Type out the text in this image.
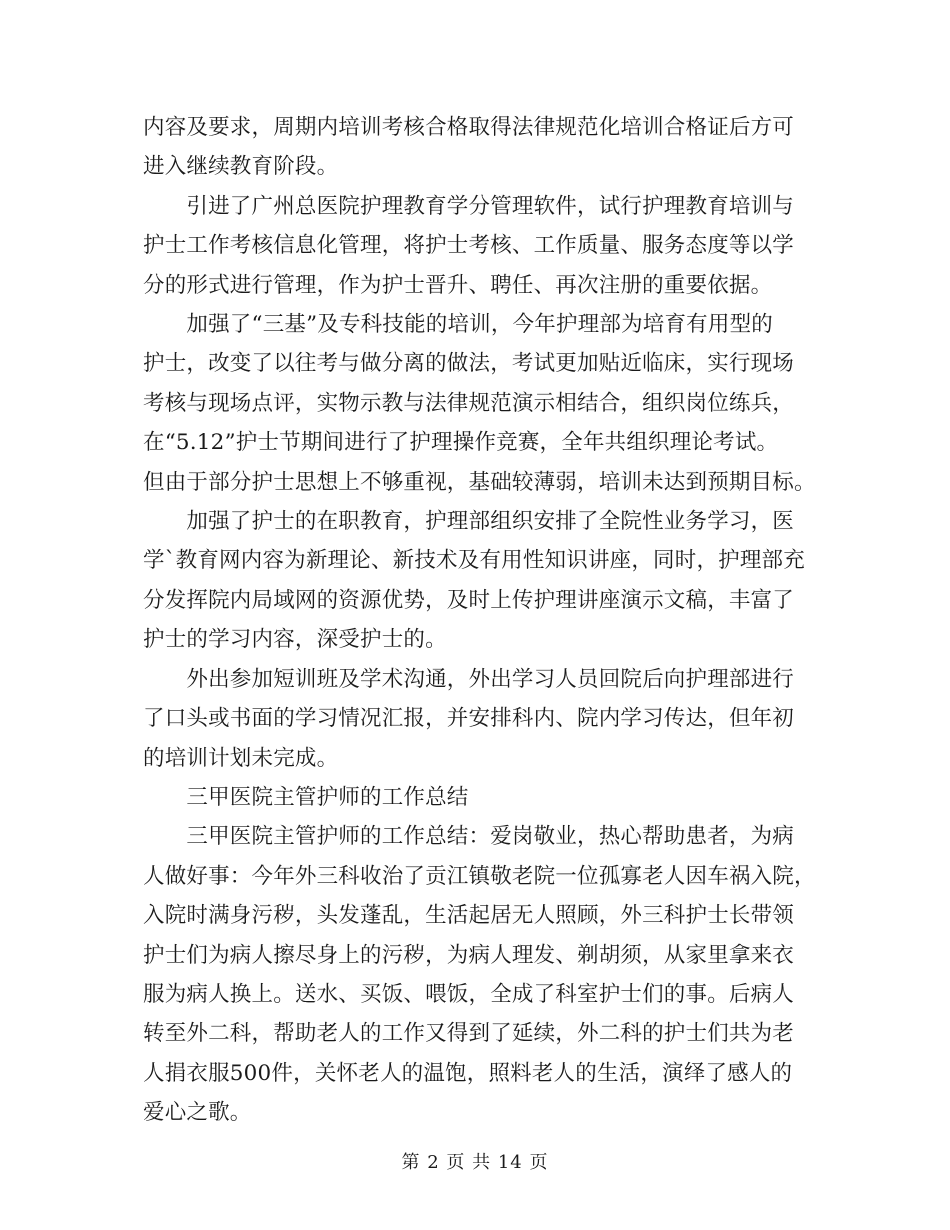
内容及要求，周期内培训考核合格取得法律规范化培训合格证后方可
进入继续教育阶段。

　　引进了广州总医院护理教育学分管理软件，试行护理教育培训与
护士工作考核信息化管理，将护士考核、工作质量、服务态度等以学
分的形式进行管理，作为护士晋升、聘任、再次注册的重要依据。

　　加强了“三基”及专科技能的培训，今年护理部为培育有用型的
护士，改变了以往考与做分离的做法，考试更加贴近临床，实行现场
考核与现场点评，实物示教与法律规范演示相结合，组织岗位练兵，
在“5.12”护士节期间进行了护理操作竞赛，全年共组织理论考试。
但由于部分护士思想上不够重视，基础较薄弱，培训未达到预期目标。

　　加强了护士的在职教育，护理部组织安排了全院性业务学习，医
学`教育网内容为新理论、新技术及有用性知识讲座，同时，护理部充
分发挥院内局域网的资源优势，及时上传护理讲座演示文稿，丰富了
护士的学习内容，深受护士的。

　　外出参加短训班及学术沟通，外出学习人员回院后向护理部进行
了口头或书面的学习情况汇报，并安排科内、院内学习传达，但年初
的培训计划未完成。

　　三甲医院主管护师的工作总结

　　三甲医院主管护师的工作总结：爱岗敬业，热心帮助患者，为病
人做好事：今年外三科收治了贡江镇敬老院一位孤寡老人因车祸入院，
入院时满身污秽，头发蓬乱，生活起居无人照顾，外三科护士长带领
护士们为病人擦尽身上的污秽，为病人理发、剃胡须，从家里拿来衣
服为病人换上。送水、买饭、喂饭，全成了科室护士们的事。后病人
转至外二科，帮助老人的工作又得到了延续，外二科的护士们共为老
人捐衣服500件，关怀老人的温饱，照料老人的生活，演绎了感人的
爱心之歌。

第 2 页 共 14 页
